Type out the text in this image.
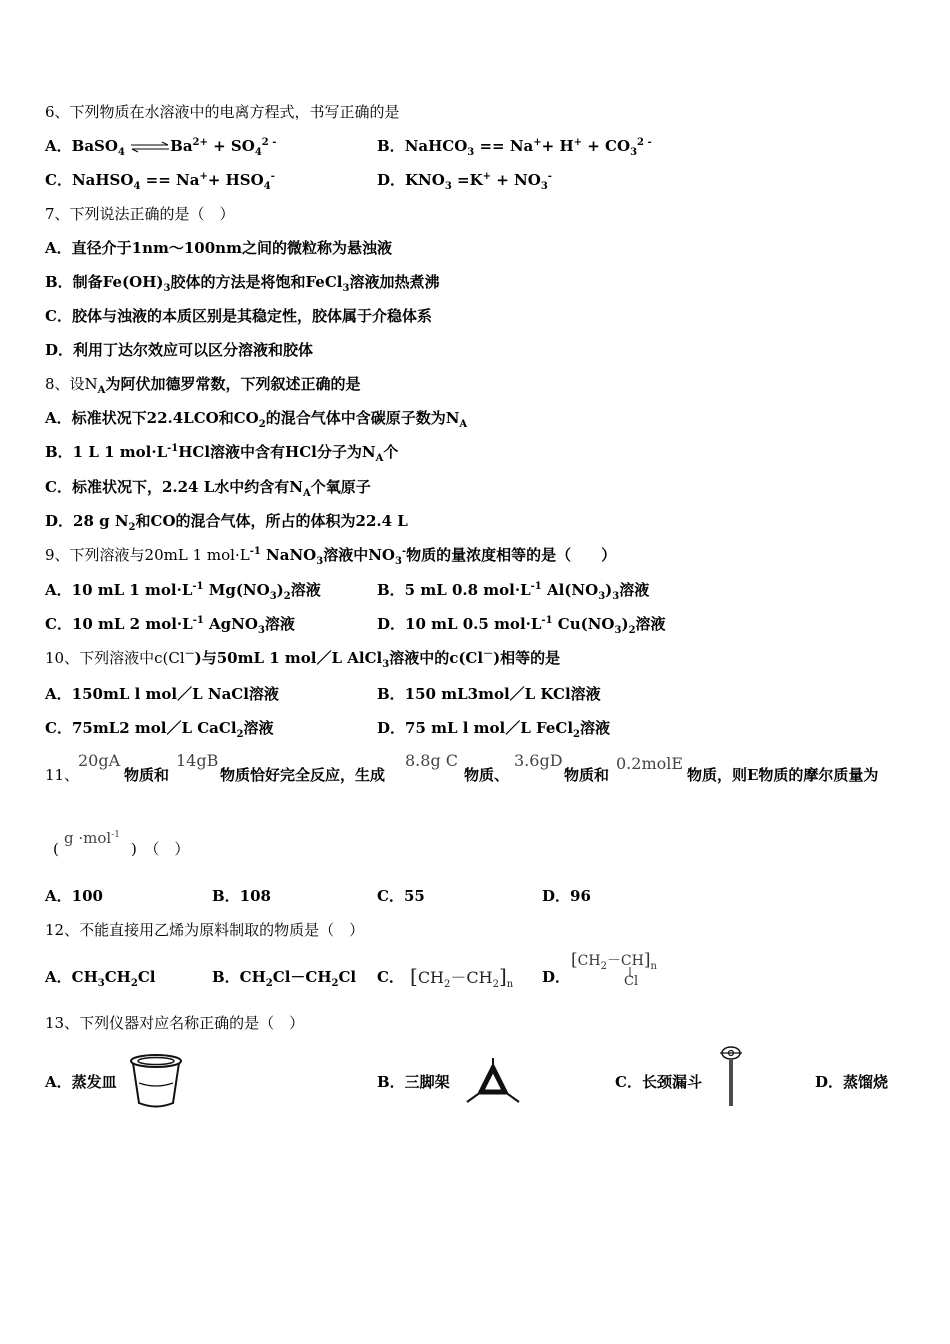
6、下列物质在水溶液中的电离方程式，书写正确的是
A．BaSO$_4$ $\rightleftharpoons Ba^{2+} + SO_4^{2 -}$	B．NaHCO$_3$ == $Na^++ H^+ + CO_3^{2 -}$
C．NaHSO$_4$ == $Na^++ HSO_4^-$	D．$KNO_3 =K^+ + NO_3^-$
7、下列说法正确的是（　）
A．直径介于1nm～100nm之间的微粒称为悬浊液
B．制备$Fe(OH)_3$胶体的方法是将饱和FeCl$_3$溶液加热煮沸
C．胶体与浊液的本质区别是其稳定性，胶体属于介稳体系
D．利用丁达尔效应可以区分溶液和胶体
8、设$N_A$为阿伏加德罗常数，下列叙述正确的是
A．标准状况下22.4LCO和$CO_2$的混合气体中含碳原子数为$N_A$
B．1 L 1 $mol\cdot L^{-1}HCl$溶液中含有HCl分子为$N_A$个
C．标准状况下，2.24 L水中约含有$N_A$个氧原子
D．28 g $N_2$和CO的混合气体，所占的体积为22.4 L
9、下列溶液与20mL 1 $mol\cdot L^{-1}$ NaNO$_3$溶液中$NO_3^-$物质的量浓度相等的是（　　）
A．10 mL 1 $mol\cdot L^{-1}$ $Mg(NO_3)_2$溶液	B．5 mL 0.8 $mol\cdot L^{-1}$ $Al(NO_3)_3$溶液
C．10 mL 2 $mol\cdot L^{-1}$ AgNO$_3$溶液	D．10 mL 0.5 $mol\cdot L^{-1}$ $Cu(NO_3)_2$溶液
10、下列溶液中c(Cl－)与50mL 1 mol／L AlCl$_3$溶液中的c(Cl－)相等的是
A．150mL l mol／L NaCl溶液	B．150 mL3mol／L KCl溶液
C．75mL2 mol／L CaCl$_2$溶液	D．75 mL l mol／L FeCl$_2$溶液
11、
20gA
物质和
14gB
物质恰好完全反应，生成
8.8g C
物质、
3.6gD
物质和
0.2molE
物质，则E物质的摩尔质量为
(
g ·mol$^{-1}$
)　（　）
A．100	B．108	C．55	D．96
12、不能直接用乙烯为原料制取的物质是（　）
A．$CH_3CH_2Cl$	B．$CH_2Cl-CH_2Cl$ C． $[CH_2-CH_2]_n$ D．
$[CH_2-CH]_n$
Cl
13、下列仪器对应名称正确的是（　）
A．蒸发皿	B．三脚架	C．长颈漏斗	D．蒸馏烧
